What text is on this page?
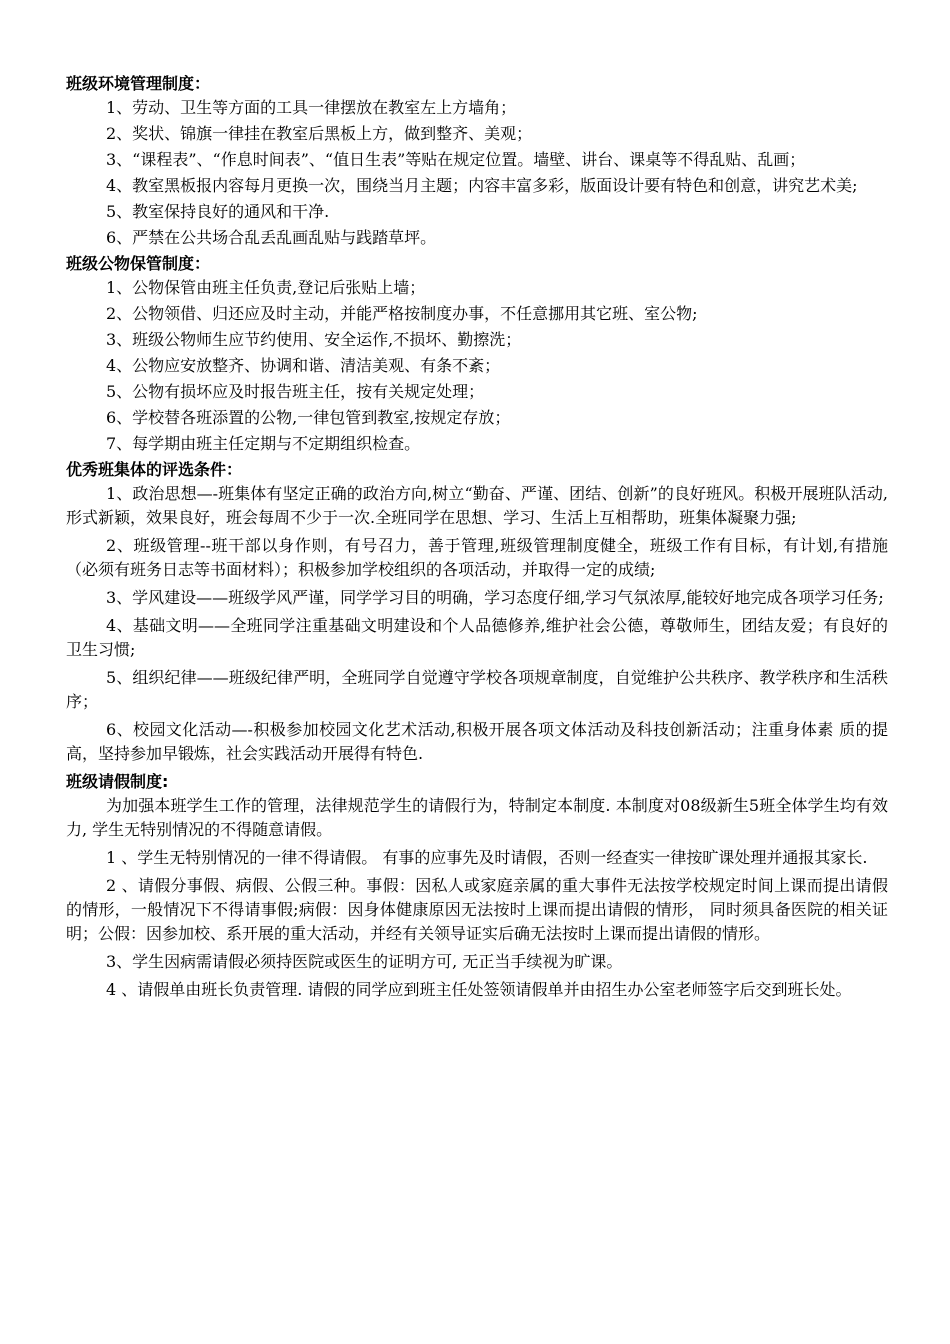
班级环境管理制度：

1、劳动、卫生等方面的工具一律摆放在教室左上方墙角；

2、奖状、锦旗一律挂在教室后黑板上方，做到整齐、美观；

3、“课程表”、“作息时间表”、“值日生表”等贴在规定位置。墙壁、讲台、课桌等不得乱贴、乱画；

4、教室黑板报内容每月更换一次，围绕当月主题；内容丰富多彩，版面设计要有特色和创意，讲究艺术美;

5、教室保持良好的通风和干净.

6、严禁在公共场合乱丢乱画乱贴与践踏草坪。

班级公物保管制度：

1、公物保管由班主任负责,登记后张贴上墙；

2、公物领借、归还应及时主动，并能严格按制度办事，不任意挪用其它班、室公物;

3、班级公物师生应节约使用、安全运作,不损坏、勤擦洗；

4、公物应安放整齐、协调和谐、清洁美观、有条不紊；

5、公物有损坏应及时报告班主任，按有关规定处理；

6、学校替各班添置的公物,一律包管到教室,按规定存放；

7、每学期由班主任定期与不定期组织检查。

优秀班集体的评选条件：

1、政治思想—-班集体有坚定正确的政治方向,树立“勤奋、严谨、团结、创新”的良好班风。积极开展班队活动,形式新颖，效果良好，班会每周不少于一次.全班同学在思想、学习、生活上互相帮助，班集体凝聚力强;

2、班级管理--班干部以身作则，有号召力，善于管理,班级管理制度健全，班级工作有目标，有计划,有措施（必须有班务日志等书面材料）；积极参加学校组织的各项活动，并取得一定的成绩;

3、学风建设——班级学风严谨，同学学习目的明确，学习态度仔细,学习气氛浓厚,能较好地完成各项学习任务;

4、基础文明——全班同学注重基础文明建设和个人品德修养,维护社会公德，尊敬师生，团结友爱；有良好的卫生习惯;

5、组织纪律——班级纪律严明，全班同学自觉遵守学校各项规章制度，自觉维护公共秩序、教学秩序和生活秩序；

6、校园文化活动—-积极参加校园文化艺术活动,积极开展各项文体活动及科技创新活动；注重身体素 质的提高，坚持参加早锻炼，社会实践活动开展得有特色.

班级请假制度:

为加强本班学生工作的管理，法律规范学生的请假行为，特制定本制度. 本制度对08级新生5班全体学生均有效力, 学生无特别情况的不得随意请假。

1 、学生无特别情况的一律不得请假。 有事的应事先及时请假，否则一经查实一律按旷课处理并通报其家长.

2 、请假分事假、病假、公假三种。事假：因私人或家庭亲属的重大事件无法按学校规定时间上课而提出请假的情形，一般情况下不得请事假;病假：因身体健康原因无法按时上课而提出请假的情形， 同时须具备医院的相关证明；公假：因参加校、系开展的重大活动，并经有关领导证实后确无法按时上课而提出请假的情形。

3、学生因病需请假必须持医院或医生的证明方可, 无正当手续视为旷课。

4 、请假单由班长负责管理. 请假的同学应到班主任处签领请假单并由招生办公室老师签字后交到班长处。
